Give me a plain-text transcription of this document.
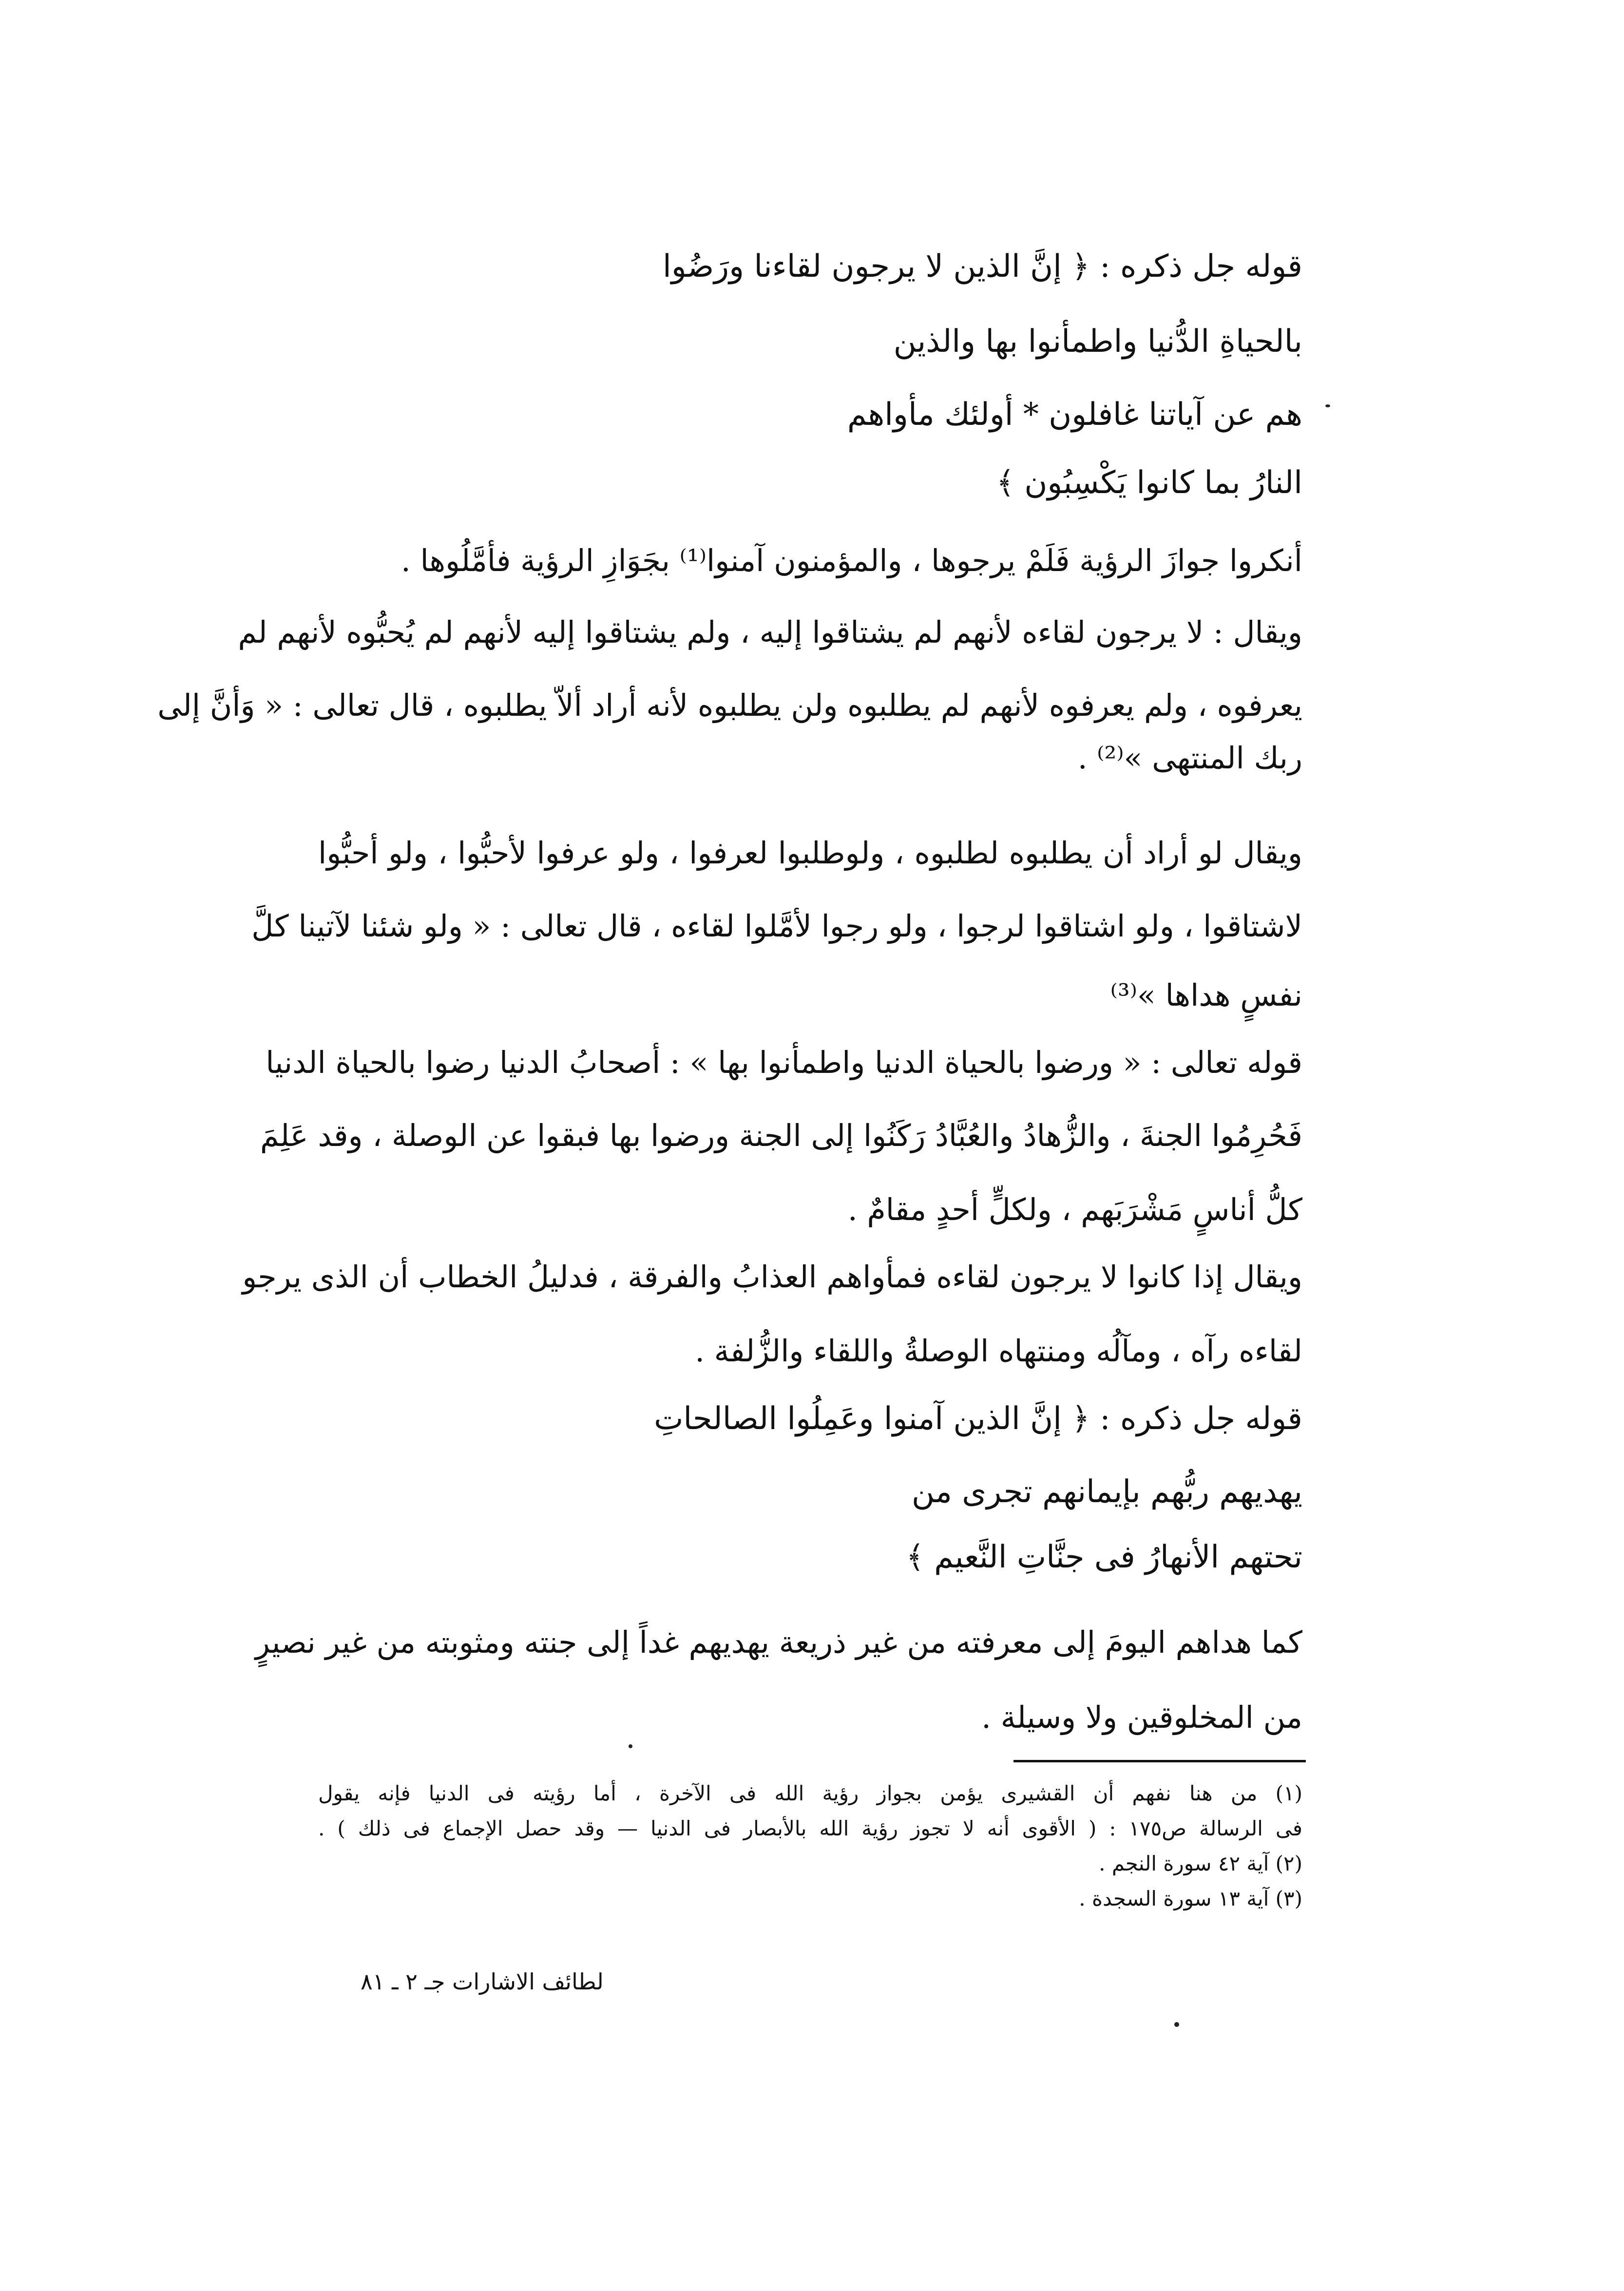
قوله جل ذكره : ﴿ إنَّ الذين لا يرجون لقاءنا ورَضُوا
بالحياةِ الدُّنيا واطمأنوا بها والذين
هم عن آياتنا غافلون * أولئك مأواهم
النارُ بما كانوا يَكْسِبُون ﴾
أنكروا جوازَ الرؤية فَلَمْ يرجوها ، والمؤمنون آمنوا⁽¹⁾ بجَوَازِ الرؤية فأمَّلُوها .
ويقال : لا يرجون لقاءه لأنهم لم يشتاقوا إليه ، ولم يشتاقوا إليه لأنهم لم يُحبُّوه لأنهم لم
يعرفوه ، ولم يعرفوه لأنهم لم يطلبوه ولن يطلبوه لأنه أراد ألاّ يطلبوه ، قال تعالى : « وَأنَّ إلى
ربك المنتهى »⁽²⁾ .
ويقال لو أراد أن يطلبوه لطلبوه ، ولوطلبوا لعرفوا ، ولو عرفوا لأحبُّوا ، ولو أحبُّوا
لاشتاقوا ، ولو اشتاقوا لرجوا ، ولو رجوا لأمَّلوا لقاءه ، قال تعالى : « ولو شئنا لآتينا كلَّ
نفسٍ هداها »⁽³⁾
قوله تعالى : « ورضوا بالحياة الدنيا واطمأنوا بها » : أصحابُ الدنيا رضوا بالحياة الدنيا
فَحُرِمُوا الجنةَ ، والزُّهادُ والعُبَّادُ رَكَنُوا إلى الجنة ورضوا بها فبقوا عن الوصلة ، وقد عَلِمَ
كلُّ أناسٍ مَشْرَبَهم ، ولكلٍّ أحدٍ مقامٌ .
ويقال إذا كانوا لا يرجون لقاءه فمأواهم العذابُ والفرقة ، فدليلُ الخطاب أن الذى يرجو
لقاءه رآه ، ومآلُه ومنتهاه الوصلةُ واللقاء والزُّلفة .
قوله جل ذكره : ﴿ إنَّ الذين آمنوا وعَمِلُوا الصالحاتِ
يهديهم ربُّهم بإيمانهم تجرى من
تحتهم الأنهارُ فى جنَّاتِ النَّعيم ﴾
كما هداهم اليومَ إلى معرفته من غير ذريعة يهديهم غداً إلى جنته ومثوبته من غير نصيرٍ
من المخلوقين ولا وسيلة .
(١) من هنا نفهم أن القشيرى يؤمن بجواز رؤية الله فى الآخرة ، أما رؤيته فى الدنيا فإنه يقول
فى الرسالة ص١٧٥ : ( الأقوى أنه لا تجوز رؤية الله بالأبصار فى الدنيا — وقد حصل الإجماع فى ذلك ) .
(٢) آية ٤٢ سورة النجم .
(٣) آية ١٣ سورة السجدة .
لطائف الاشارات جـ ٢ ـ ٨١
